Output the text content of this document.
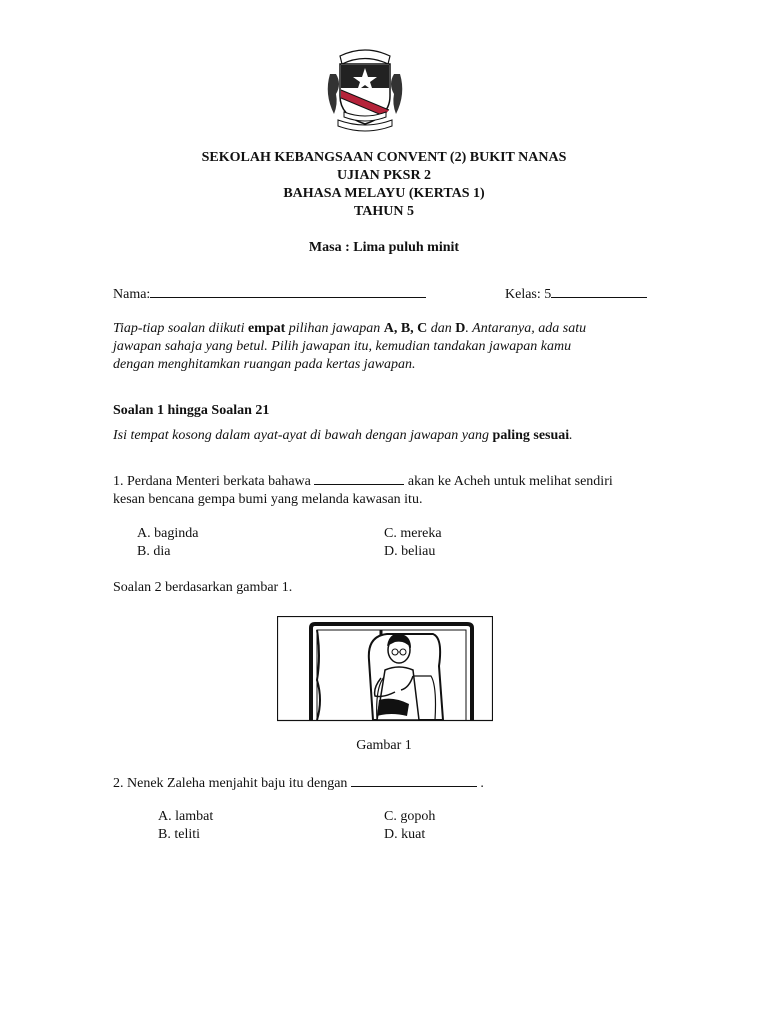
SEKOLAH KEBANGSAAN CONVENT (2) BUKIT NANAS
UJIAN PKSR 2
BAHASA MELAYU (KERTAS 1)
TAHUN 5
Masa : Lima puluh minit
Nama:	Kelas: 5
Tiap-tiap soalan diikuti empat pilihan jawapan A, B, C dan D. Antaranya, ada satu
jawapan sahaja yang betul. Pilih jawapan itu, kemudian tandakan jawapan kamu
dengan menghitamkan ruangan pada kertas jawapan.
Soalan 1 hingga Soalan 21
Isi tempat kosong dalam ayat-ayat di bawah dengan jawapan yang paling sesuai.
1. Perdana Menteri berkata bahawa	akan ke Acheh untuk melihat sendiri
kesan bencana gempa bumi yang melanda kawasan itu.
A. baginda
B. dia
C. mereka
D. beliau
Soalan 2 berdasarkan gambar 1.
Gambar 1
2. Nenek Zaleha menjahit baju itu dengan	.
A. lambat
B. teliti
C. gopoh
D. kuat
